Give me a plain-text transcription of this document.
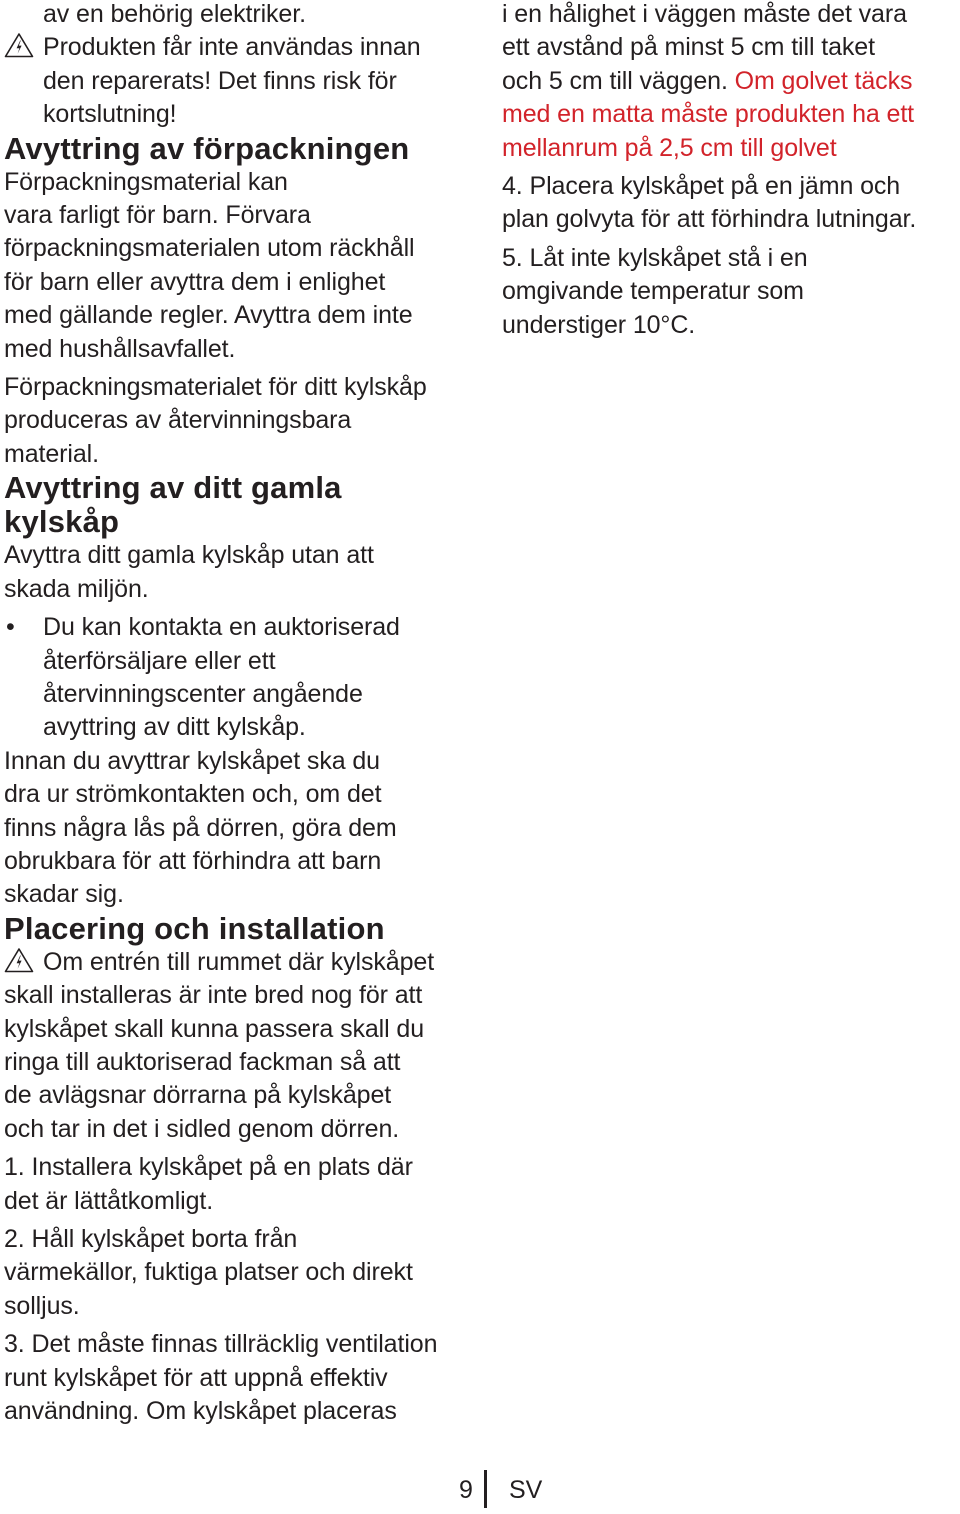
av en behörig elektriker.
Produkten får inte användas innan
den reparerats! Det finns risk för
kortslutning!
Avyttring av förpackningen
Förpackningsmaterial kan
vara farligt för barn. Förvara
förpackningsmaterialen utom räckhåll
för barn eller avyttra dem i enlighet
med gällande regler. Avyttra dem inte
med hushållsavfallet.
Förpackningsmaterialet för ditt kylskåp
produceras av återvinningsbara
material.
Avyttring av ditt gamla
kylskåp
Avyttra ditt gamla kylskåp utan att
skada miljön.
•	Du kan kontakta en auktoriserad
återförsäljare eller ett
återvinningscenter angående
avyttring av ditt kylskåp.
Innan du avyttrar kylskåpet ska du
dra ur strömkontakten och, om det
finns några lås på dörren, göra dem
obrukbara för att förhindra att barn
skadar sig.
Placering och installation
Om entrén till rummet där kylskåpet
skall installeras är inte bred nog för att
kylskåpet skall kunna passera skall du
ringa till auktoriserad fackman så att
de avlägsnar dörrarna på kylskåpet
och tar in det i sidled genom dörren.
1. Installera kylskåpet på en plats där
det är lättåtkomligt.
2. Håll kylskåpet borta från
värmekällor, fuktiga platser och direkt
solljus.
3. Det måste finnas tillräcklig ventilation
runt kylskåpet för att uppnå effektiv
användning. Om kylskåpet placeras
i en hålighet i väggen måste det vara
ett avstånd på minst 5 cm till taket
och 5 cm till väggen. Om golvet täcks
med en matta måste produkten ha ett
mellanrum på 2,5 cm till golvet
4. Placera kylskåpet på en jämn och
plan golvyta för att förhindra lutningar.
5. Låt inte kylskåpet stå i en
omgivande temperatur som
understiger 10°C.
9 SV
